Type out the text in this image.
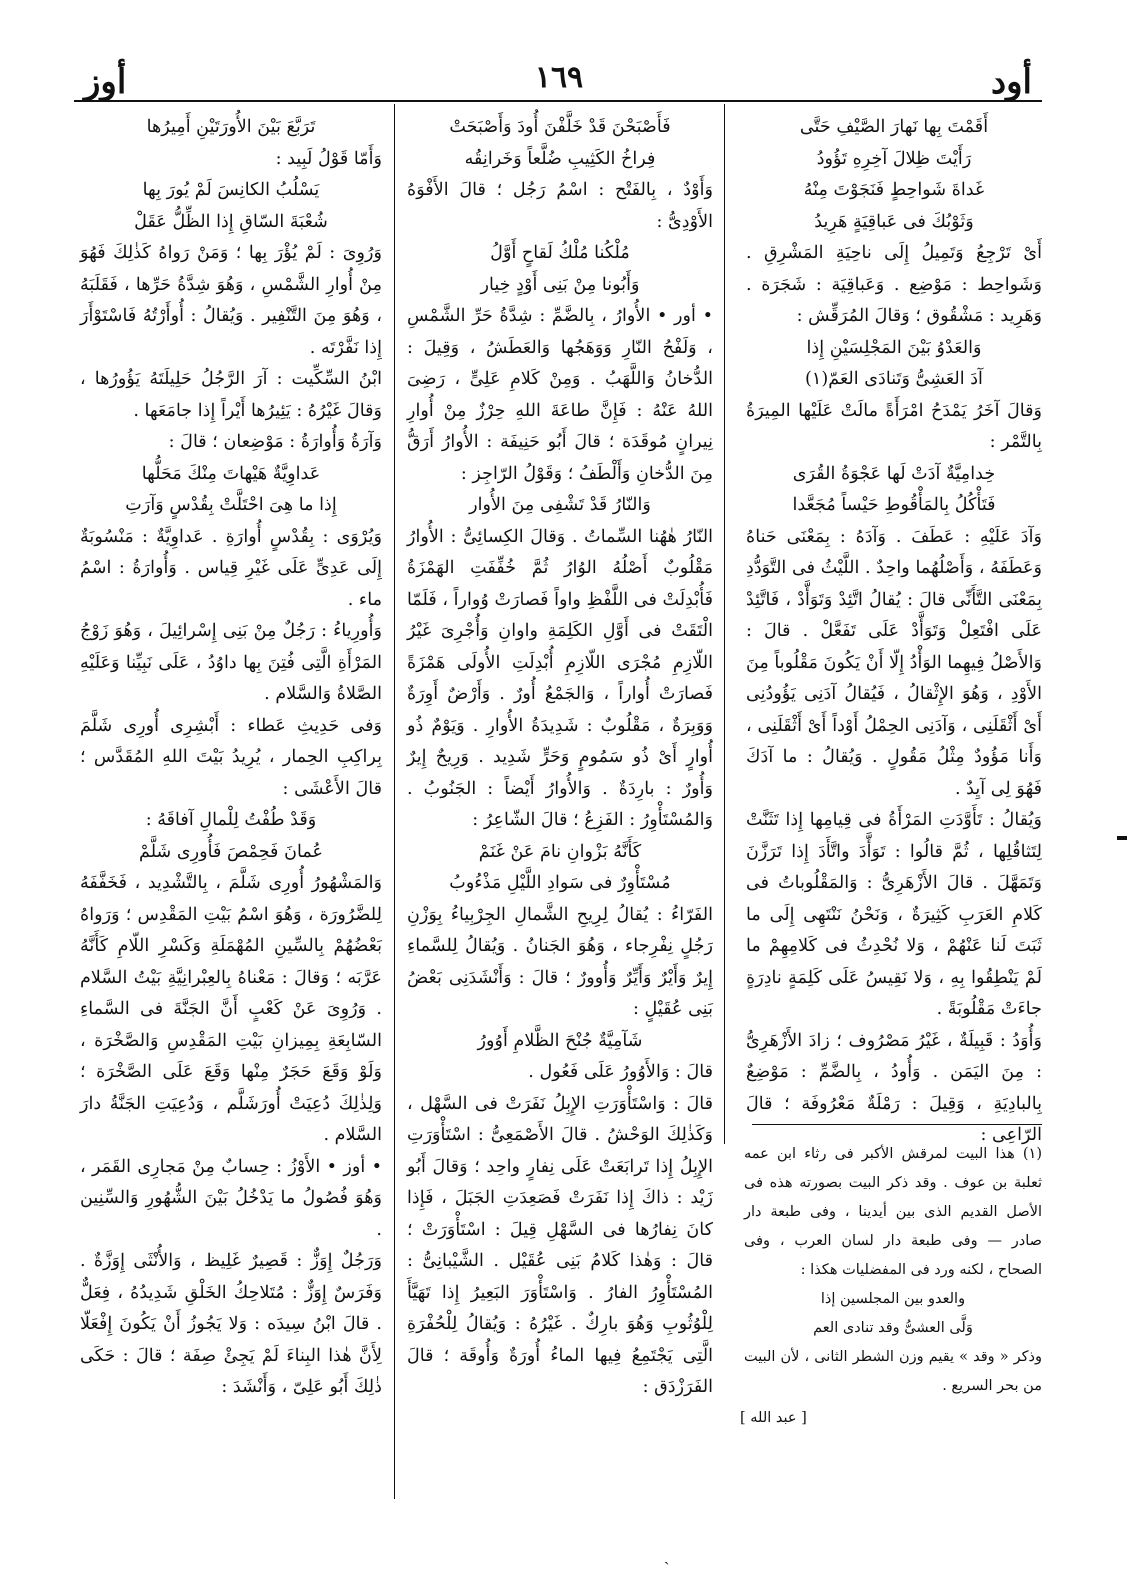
أود
١٦٩
أوز

أَقَمْتَ بِها نَهارَ الصَّيْفِ حَتَّى

رَأَيْتَ ظِلالَ آخِرِهِ تَؤُودُ

غَداةَ شَواحِطٍ فَنَجَوْتَ مِنْهُ

وَثَوْبُكَ فى عَباقِيَةٍ هَرِيدُ

أَىْ تَرْجِعُ وَتَمِيلُ إِلَى ناحِيَةِ المَشْرِقِ . وَشَواحِط : مَوْضِع . وَعَباقِيَة : شَجَرَة . وَهَرِيد : مَشْقُوق ؛ وَقالَ المُرَقِّش :

وَالعَدْوُ بَيْنَ المَجْلِسَيْنِ إِذا

آدَ العَشِىُّ وَتَنادَى العَمّ(١)

وَقالَ آخَرُ يَمْدَحُ امْرَأَةً مالَتْ عَلَيْها المِيرَةُ بِالتَّمْر :

خِدامِيَّةٌ آدَتْ لَها عَجْوَةُ القُرَى

فَتَأْكُلُ بِالمَأْقُوطِ حَيْساً مُجَعَّدا

وَآدَ عَلَيْهِ : عَطَفَ . وَآدَهُ : بِمَعْنَى حَناهُ وَعَطَفَهُ ، وَأَصْلُهُما واحِدٌ . اللَّيْثُ فى التَّوَدُّدِ بِمَعْنَى التَّأَنِّى قالَ : يُقالُ اتَّئِدْ وَتَوَأَّدْ ، فَاتَّئِدْ عَلَى افْتَعِلْ وَتَوَأَّدْ عَلَى تَفَعَّلْ . قالَ : وَالأَصْلُ فِيهِما الوَأْدُ إِلّا أَنْ يَكُونَ مَقْلُوباً مِنَ الأَوْدِ ، وَهُوَ الإِثْقالُ ، فَيُقالُ آدَنِى يَؤُودُنِى أَىْ أَثْقَلَنِى ، وَآدَنِى الحِمْلُ أَوْداً أَىْ أَثْقَلَنِى ، وَأَنا مَؤُودٌ مِثْلُ مَقُولٍ . وَيُقالُ : ما آدَكَ فَهُوَ لِى آيِدٌ .

وَيُقالُ : تَأَوَّدَتِ المَرْأَةُ فى قِيامِها إِذا تَثَنَّتْ لِتَثاقُلِها ، ثُمَّ قالُوا : تَوَأَّدَ واتَّأَدَ إِذا تَرَزَّنَ وَتَمَهَّلَ . قالَ الأَزْهَرِىُّ : وَالمَقْلُوباتُ فى كَلامِ العَرَبِ كَثِيرَةٌ ، وَنَحْنُ نَنْتَهِى إِلَى ما ثَبَتَ لَنا عَنْهُمْ ، وَلا نُحْدِثُ فى كَلامِهِمْ ما لَمْ يَنْطِقُوا بِهِ ، وَلا نَقِيسُ عَلَى كَلِمَةٍ نادِرَةٍ جاءَتْ مَقْلُوبَةً .

وَأُوَدُ : قَبِيلَةٌ ، غَيْرُ مَصْرُوف ؛ زادَ الأَزْهَرِىُّ : مِنَ اليَمَن . وَأُودُ ، بِالضَّمِّ : مَوْضِعٌ بِالبادِيَةِ ، وَقِيلَ : رَمْلَةٌ مَعْرُوفَة ؛ قالَ الرّاعِى :

فَأَصْبَحْنَ قَدْ خَلَّفْنَ أُودَ وَأَصْبَحَتْ

فِراخُ الكَثِيبِ ضُلَّعاً وَخَرانِقُه

وَأَوْدٌ ، بِالفَتْح : اسْمُ رَجُل ؛ قالَ الأَفْوَهُ الأَوْدِىُّ :

مُلْكُنا مُلْكُ لَقاحٍ أَوَّلُ

وَأَبُونا مِنْ بَنِى أَوْدٍ خِيار

• أور • الأُوارُ ، بِالضَّمِّ : شِدَّةُ حَرِّ الشَّمْسِ ، وَلَفْحُ النّارِ وَوَهَجُها وَالعَطَشُ ، وَقِيلَ : الدُّخانُ وَاللَّهَبُ . وَمِنْ كَلامِ عَلِىٍّ ، رَضِىَ اللهُ عَنْهُ : فَإِنَّ طاعَةَ اللهِ حِرْزٌ مِنْ أُوارِ نِيرانٍ مُوقَدَة ؛ قالَ أَبُو حَنِيفَة : الأُوارُ أَرَقُّ مِنَ الدُّخانِ وَأَلْطَفُ ؛ وَقَوْلُ الرّاجِز :

وَالنّارُ قَدْ تَشْفِى مِنَ الأُوار

النّارُ هٰهُنا السِّماتُ . وَقالَ الكِسائِىُّ : الأُوارُ مَقْلُوبٌ أَصْلُهُ الوُارُ ثُمَّ خُفِّفَتِ الهَمْزَةُ فَأُبْدِلَتْ فى اللَّفْظِ واواً فَصارَتْ وُواراً ، فَلَمّا الْتَقَتْ فى أَوَّلِ الكَلِمَةِ واوانِ وَأُجْرِىَ غَيْرُ اللّازِمِ مُجْرَى اللّازِمِ أُبْدِلَتِ الأُولَى هَمْزَةً فَصارَتْ أُواراً ، وَالجَمْعُ أُورٌ . وَأَرْضٌ أَوِرَةٌ وَوَبِرَةٌ ، مَقْلُوبٌ : شَدِيدَةُ الأُوارِ . وَيَوْمٌ ذُو أُوارٍ أَىْ ذُو سَمُومٍ وَحَرٍّ شَدِيد . وَرِيحٌ إِيرٌ وَأُورٌ : بارِدَةٌ . وَالأُوارُ أَيْضاً : الجَنُوبُ . وَالمُسْتَأْوِرُ : الفَزِعُ ؛ قالَ الشّاعِرُ :

كَأَنَّهُ بَزْوانِ نامَ عَنْ غَنَمْ

مُسْتَأْوِرٌ فى سَوادِ اللَّيْلِ مَذْءُوبُ

الفَرّاءُ : يُقالُ لِرِيحِ الشَّمالِ الجِرْبِياءُ بِوَزْنِ رَجُلٍ نِفْرِجاء ، وَهُوَ الجَنانُ . وَيُقالُ لِلسَّماءِ إِيرٌ وَأَيْرٌ وَأَيِّرٌ وَأُوورٌ ؛ قالَ : وَأَنْشَدَنِى بَعْضُ بَنِى عُقَيْلٍ :

شَآمِيَّةٌ جُنْحَ الظَّلامِ أَوُورُ

قالَ : وَالأَوُورُ عَلَى فَعُول .

قالَ : وَاسْتَأْوَرَتِ الإِبِلُ نَفَرَتْ فى السَّهْل ، وَكَذٰلِكَ الوَحْشُ . قالَ الأَصْمَعِىُّ : اسْتَأْوَرَتِ الإِبِلُ إِذا تَرابَعَتْ عَلَى نِفارٍ واحِد ؛ وَقالَ أَبُو زَيْد : ذاكَ إِذا نَفَرَتْ فَصَعِدَتِ الجَبَلَ ، فَإِذا كانَ نِفارُها فى السَّهْلِ قِيلَ : اسْتَأْوَرَتْ ؛ قالَ : وَهٰذا كَلامُ بَنِى عُقَيْل . الشَّيْبانِىُّ : المُسْتَأْوِرُ الفارُ . وَاسْتَأْوَرَ البَعِيرُ إِذا تَهَيَّأَ لِلْوُثُوبِ وَهُوَ بارِكٌ . غَيْرُهُ : وَيُقالُ لِلْحُفْرَةِ الَّتِى يَجْتَمِعُ فِيها الماءُ أُورَةٌ وَأُوقَة ؛ قالَ الفَرَزْدَق :

تَرَبَّعَ بَيْنَ الأُورَتَيْنِ أَمِيرُها

وَأَمّا قَوْلُ لَبِيد :

يَسْلُبُ الكانِسَ لَمْ يُورَ بِها

شُعْبَةَ السّاقِ إِذا الظِّلُّ عَقَلْ

وَرُوِىَ : لَمْ يُؤْرَ بِها ؛ وَمَنْ رَواهُ كَذٰلِكَ فَهُوَ مِنْ أُوارِ الشَّمْسِ ، وَهُوَ شِدَّةُ حَرِّها ، فَقَلَبَهُ ، وَهُوَ مِنَ التَّنْفِير . وَيُقالُ : أُوأَرْتُهُ فَاسْتَوْأَرَ إِذا نَفَّرْتَه .

ابْنُ السِّكِّيت : آرَ الرَّجُلُ حَلِيلَتَهُ يَؤُورُها ، وَقالَ غَيْرُهُ : يَئِيرُها أَيْراً إِذا جامَعَها .

وَآرَةُ وَأُوارَةُ : مَوْضِعان ؛ قالَ :

عَداوِيَّةٌ هَيْهاتَ مِنْكَ مَحَلُّها

إِذا ما هِىَ احْتَلَّتْ بِقُدْسٍ وَآرَتِ

وَيُرْوَى : بِقُدْسٍ أُوارَةِ . عَداوِيَّةٌ : مَنْسُوبَةٌ إِلَى عَدِىٍّ عَلَى غَيْرِ قِياس . وَأُوارَةُ : اسْمُ ماء .

وَأُورِياءُ : رَجُلٌ مِنْ بَنِى إِسْرائِيلَ ، وَهُوَ زَوْجُ المَرْأَةِ الَّتِى فُتِنَ بِها داوُدُ ، عَلَى نَبِيِّنا وَعَلَيْهِ الصَّلاةُ وَالسَّلام .

وَفى حَدِيثِ عَطاء : أَبْشِرِى أُورِى شَلَّمَ بِراكِبِ الحِمار ، يُرِيدُ بَيْتَ اللهِ المُقَدَّس ؛ قالَ الأَعْشَى :

وَقَدْ طُفْتُ لِلْمالِ آفاقَهُ :

عُمانَ فَحِمْصَ فَأُورِى شَلَّمْ

وَالمَشْهُورُ أُورِى شَلَّمَ ، بِالتَّشْدِيد ، فَخَفَّفَهُ لِلضَّرُورَة ، وَهُوَ اسْمُ بَيْتِ المَقْدِس ؛ وَرَواهُ بَعْضُهُمْ بِالسِّينِ المُهْمَلَةِ وَكَسْرِ اللّامِ كَأَنَّهُ عَرَّبَه ؛ وَقالَ : مَعْناهُ بِالعِبْرانِيَّةِ بَيْتُ السَّلام . وَرُوِىَ عَنْ كَعْبٍ أَنَّ الجَنَّةَ فى السَّماءِ السّابِعَةِ بِمِيزانِ بَيْتِ المَقْدِسِ وَالصَّخْرَة ، وَلَوْ وَقَعَ حَجَرٌ مِنْها وَقَعَ عَلَى الصَّخْرَة ؛ وَلِذٰلِكَ دُعِيَتْ أُورَشَلَّم ، وَدُعِيَتِ الجَنَّةُ دارَ السَّلام .

• أوز • الأَوْزُ : حِسابٌ مِنْ مَجارِى القَمَر ، وَهُوَ فُصُولُ ما يَدْخُلُ بَيْنَ الشُّهُورِ وَالسِّنِين .

وَرَجُلٌ إِوَزٌّ : قَصِيرٌ غَلِيظ ، وَالأُنْثَى إِوَزَّةٌ . وَفَرَسٌ إِوَزٌّ : مُتَلاحِكُ الخَلْقِ شَدِيدُهُ ، فِعَلٌّ . قالَ ابْنُ سِيدَه : وَلا يَجُوزُ أَنْ يَكُونَ إِفْعَلّا لِأَنَّ هٰذا البِناءَ لَمْ يَجِئْ صِفَة ؛ قالَ : حَكَى ذٰلِكَ أَبُو عَلِىّ ، وَأَنْشَدَ :

(١) هذا البيت لمرقش الأكبر فى رثاء ابن عمه ثعلبة بن عوف . وقد ذكر البيت بصورته هذه فى الأصل القديم الذى بين أيدينا ، وفى طبعة دار صادر — وفى طبعة دار لسان العرب ، وفى الصحاح ، لكنه ورد فى المفضليات هكذا :

والعدو بين المجلسين إذا

وَلَّى العشىُّ وقد تنادى العم

وذكر « وقد » يقيم وزن الشطر الثانى ، لأن البيت من بحر السريع .

[ عبد الله ]
ˎ
